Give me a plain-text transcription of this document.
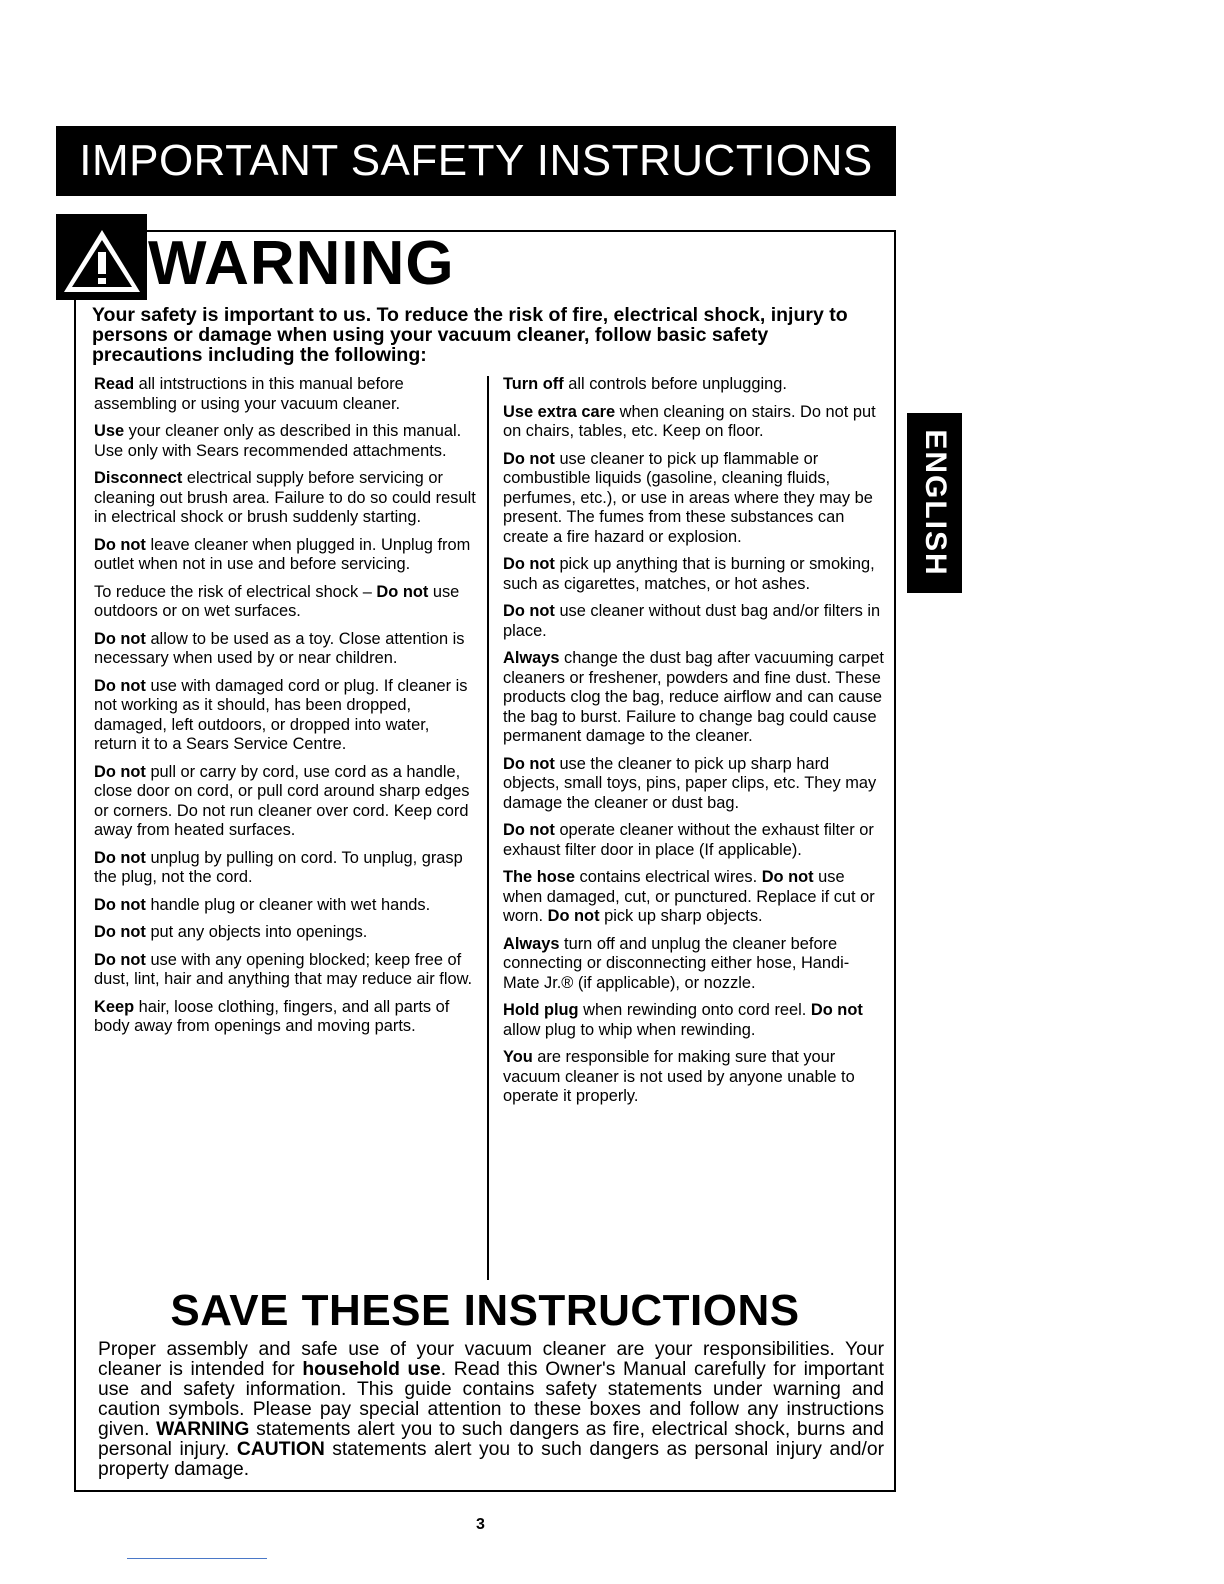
IMPORTANT SAFETY INSTRUCTIONS
WARNING
Your safety is important to us. To reduce the risk of fire, electrical shock, injury to persons or damage when using your vacuum cleaner, follow basic safety precautions including the following:

Read all intstructions in this manual before assembling or using your vacuum cleaner.

Use your cleaner only as described in this manual. Use only with Sears recommended attachments.

Disconnect electrical supply before servicing or cleaning out brush area. Failure to do so could result in electrical shock or brush suddenly starting.

Do not leave cleaner when plugged in. Unplug from outlet when not in use and before servicing.

To reduce the risk of electrical shock – Do not use outdoors or on wet surfaces.

Do not allow to be used as a toy. Close attention is necessary when used by or near children.

Do not use with damaged cord or plug. If cleaner is not working as it should, has been dropped, damaged, left outdoors, or dropped into water, return it to a Sears Service Centre.

Do not pull or carry by cord, use cord as a handle, close door on cord, or pull cord around sharp edges or corners. Do not run cleaner over cord. Keep cord away from heated surfaces.

Do not unplug by pulling on cord. To unplug, grasp the plug, not the cord.

Do not handle plug or cleaner with wet hands.

Do not put any objects into openings.

Do not use with any opening blocked; keep free of dust, lint, hair and anything that may reduce air flow.

Keep hair, loose clothing, fingers, and all parts of body away from openings and moving parts.

Turn off all controls before unplugging.

Use extra care when cleaning on stairs. Do not put on chairs, tables, etc. Keep on floor.

Do not use cleaner to pick up flammable or combustible liquids (gasoline, cleaning fluids, perfumes, etc.), or use in areas where they may be present. The fumes from these substances can create a fire hazard or explosion.

Do not pick up anything that is burning or smoking, such as cigarettes, matches, or hot ashes.

Do not use cleaner without dust bag and/or filters in place.

Always change the dust bag after vacuuming carpet cleaners or freshener, powders and fine dust. These products clog the bag, reduce airflow and can cause the bag to burst. Failure to change bag could cause permanent damage to the cleaner.

Do not use the cleaner to pick up sharp hard objects, small toys, pins, paper clips, etc. They may damage the cleaner or dust bag.

Do not operate cleaner without the exhaust filter or exhaust filter door in place (If applicable).

The hose contains electrical wires. Do not use when damaged, cut, or punctured. Replace if cut or worn. Do not pick up sharp objects.

Always turn off and unplug the cleaner before connecting or disconnecting either hose, Handi-Mate Jr.® (if applicable), or nozzle.

Hold plug when rewinding onto cord reel. Do not allow plug to whip when rewinding.

You are responsible for making sure that your vacuum cleaner is not used by anyone unable to operate it properly.

SAVE THESE INSTRUCTIONS
Proper assembly and safe use of your vacuum cleaner are your responsibilities. Your cleaner is intended for household use. Read this Owner's Manual carefully for important use and safety information. This guide contains safety statements under warning and caution symbols. Please pay special attention to these boxes and follow any instructions given. WARNING statements alert you to such dangers as fire, electrical shock, burns and personal injury. CAUTION statements alert you to such dangers as personal injury and/or property damage.
ENGLISH
3
